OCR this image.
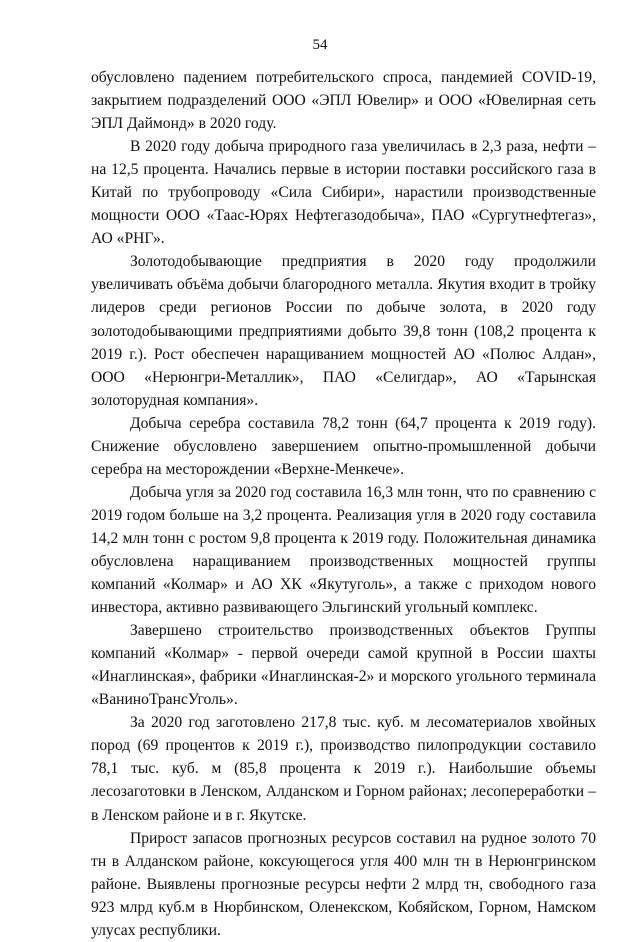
54

обусловлено падением потребительского спроса, пандемией COVID-19, закрытием подразделений ООО «ЭПЛ Ювелир» и ООО «Ювелирная сеть ЭПЛ Даймонд» в 2020 году.

В 2020 году добыча природного газа увеличилась в 2,3 раза, нефти – на 12,5 процента. Начались первые в истории поставки российского газа в Китай по трубопроводу «Сила Сибири», нарастили производственные мощности ООО «Таас-Юрях Нефтегазодобыча», ПАО «Сургутнефтегаз», АО «РНГ».

Золотодобывающие предприятия в 2020 году продолжили увеличивать объёма добычи благородного металла. Якутия входит в тройку лидеров среди регионов России по добыче золота, в 2020 году золотодобывающими предприятиями добыто 39,8 тонн (108,2 процента к 2019 г.). Рост обеспечен наращиванием мощностей АО «Полюс Алдан», ООО «Нерюнгри-Металлик», ПАО «Селигдар», АО «Тарынская золоторудная компания».

Добыча серебра составила 78,2 тонн (64,7 процента к 2019 году). Снижение обусловлено завершением опытно-промышленной добычи серебра на месторождении «Верхне-Менкече».

Добыча угля за 2020 год составила 16,3 млн тонн, что по сравнению с 2019 годом больше на 3,2 процента. Реализация угля в 2020 году составила 14,2 млн тонн с ростом 9,8 процента к 2019 году. Положительная динамика обусловлена наращиванием производственных мощностей группы компаний «Колмар» и АО ХК «Якутуголь», а также с приходом нового инвестора, активно развивающего Эльгинский угольный комплекс.

Завершено строительство производственных объектов Группы компаний «Колмар» - первой очереди самой крупной в России шахты «Инаглинская», фабрики «Инаглинская-2» и морского угольного терминала «ВаниноТрансУголь».

За 2020 год заготовлено 217,8 тыс. куб. м лесоматериалов хвойных пород (69 процентов к 2019 г.), производство пилопродукции составило 78,1 тыс. куб. м (85,8 процента к 2019 г.). Наибольшие объемы лесозаготовки в Ленском, Алданском и Горном районах; лесопереработки – в Ленском районе и в г. Якутске.

Прирост запасов прогнозных ресурсов составил на рудное золото 70 тн в Алданском районе, коксующегося угля 400 млн тн в Нерюнгринском районе. Выявлены прогнозные ресурсы нефти 2 млрд тн, свободного газа 923 млрд куб.м в Нюрбинском, Оленекском, Кобяйском, Горном, Намском улусах республики.
